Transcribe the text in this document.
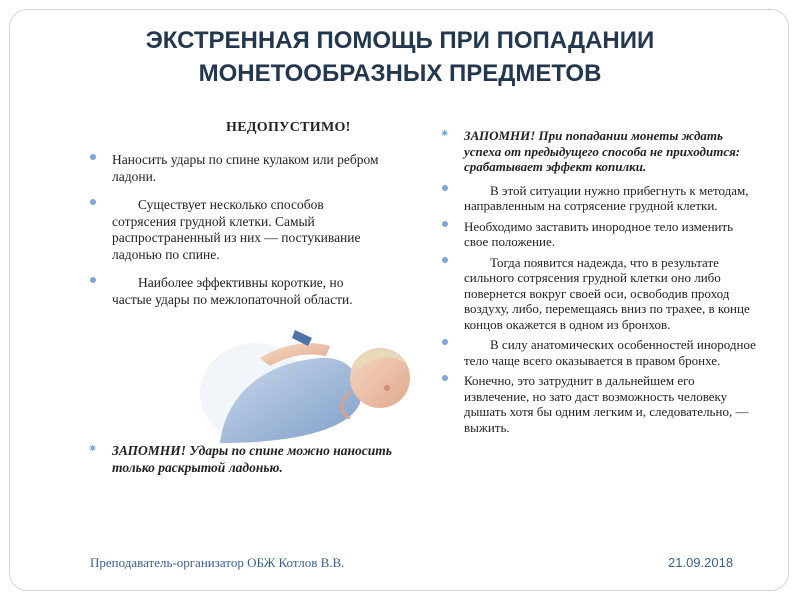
ЭКСТРЕННАЯ ПОМОЩЬ ПРИ ПОПАДАНИИ
МОНЕТООБРАЗНЫХ ПРЕДМЕТОВ
НЕДОПУСТИМО!
Наносить удары по спине кулаком или ребром ладони.
Существует несколько способов сотрясения грудной клетки. Самый распространенный из них — постукивание ладонью по спине.
Наиболее эффективны короткие, но частые удары по межлопаточной области.
✷ ЗАПОМНИ! Удары по спине можно наносить только раскрытой ладонью.
✷ ЗАПОМНИ! При попадании монеты ждать успеха от предыдущего способа не приходится: срабатывает эффект копилки.
В этой ситуации нужно прибегнуть к методам, направленным на сотрясение грудной клетки.
Необходимо заставить инородное тело изменить свое положение.
Тогда появится надежда, что в результате сильного сотрясения грудной клетки оно либо повернется вокруг своей оси, освободив проход воздуху, либо, перемещаясь вниз по трахее, в конце концов окажется в одном из бронхов.
В силу анатомических особенностей инородное тело чаще всего оказывается в правом бронхе.
Конечно, это затруднит в дальнейшем его извлечение, но зато даст возможность человеку дышать хотя бы одним легким и, следовательно, — выжить.
Преподаватель-организатор ОБЖ Котлов В.В.	21.09.2018
